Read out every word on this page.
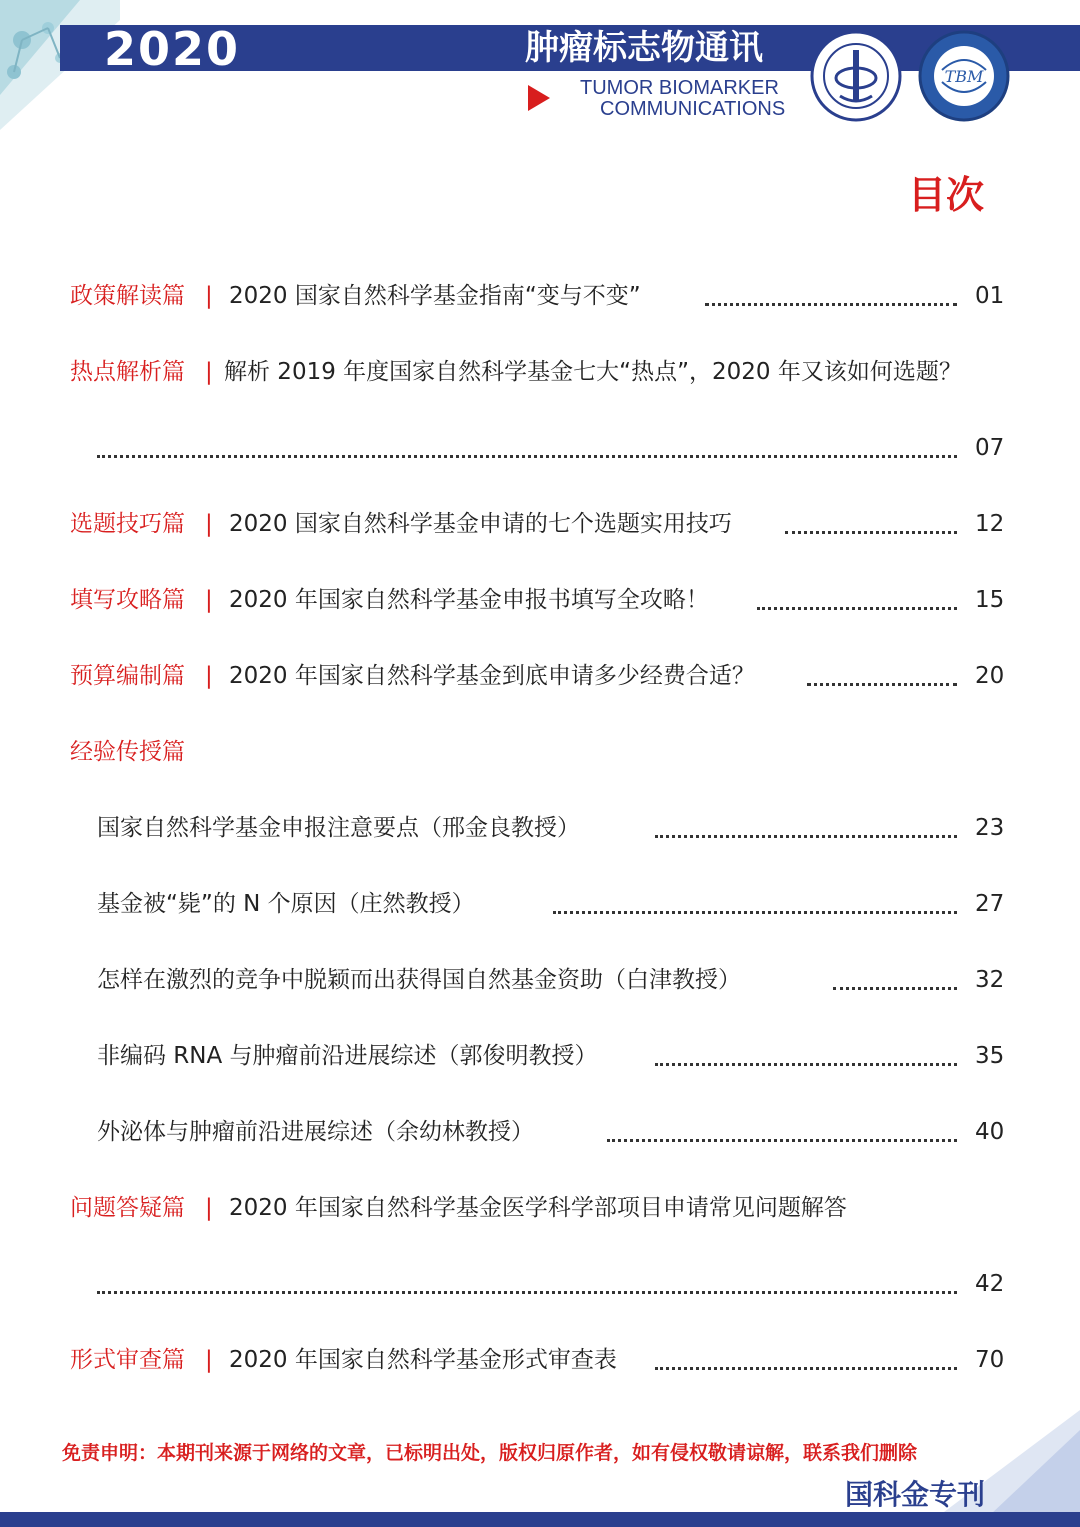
2020	肿瘤标志物通讯
TUMOR BIOMARKER
COMMUNICATIONS
TBM
目次
政策解读篇 | 2020 国家自然科学基金指南“变与不变”	01
热点解析篇 | 解析 2019 年度国家自然科学基金七大“热点”，2020 年又该如何选题？
07
选题技巧篇 | 2020 国家自然科学基金申请的七个选题实用技巧	12
填写攻略篇 | 2020 年国家自然科学基金申报书填写全攻略！	15
预算编制篇 | 2020 年国家自然科学基金到底申请多少经费合适？	20
经验传授篇
国家自然科学基金申报注意要点（邢金良教授）	23
基金被“毙”的 N 个原因（庄然教授）	27
怎样在激烈的竞争中脱颖而出获得国自然基金资助（白津教授）	32
非编码 RNA 与肿瘤前沿进展综述（郭俊明教授）	35
外泌体与肿瘤前沿进展综述（余幼林教授）	40
问题答疑篇 | 2020 年国家自然科学基金医学科学部项目申请常见问题解答
42
形式审查篇 | 2020 年国家自然科学基金形式审查表	70
免责申明：本期刊来源于网络的文章，已标明出处，版权归原作者，如有侵权敬请谅解，联系我们删除
国科金专刊
